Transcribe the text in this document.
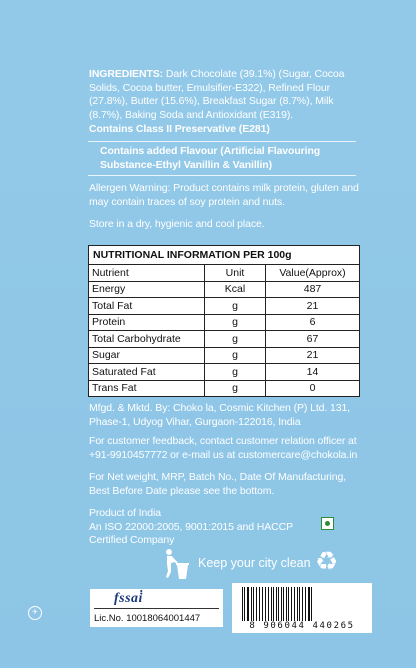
INGREDIENTS: Dark Chocolate (39.1%) (Sugar, Cocoa Solids, Cocoa butter, Emulsifier-E322), Refined Flour (27.8%), Butter (15.6%), Breakfast Sugar (8.7%), Milk (8.7%), Baking Soda and Antioxidant (E319).
Contains Class II Preservative (E281)
Contains added Flavour (Artificial Flavouring
Substance-Ethyl Vanillin & Vanillin)
Allergen Warning: Product contains milk protein, gluten and may contain traces of soy protein and nuts.
Store in a dry, hygienic and cool place.
NUTRITIONAL INFORMATION PER 100g
Nutrient	Unit	Value(Approx)
Energy	Kcal	487
Total Fat	g	21
Protein	g	6
Total Carbohydrate	g	67
Sugar	g	21
Saturated Fat	g	14
Trans Fat	g	0
Mfgd. & Mktd. By: Choko la, Cosmic Kitchen (P) Ltd. 131, Phase-1, Udyog Vihar, Gurgaon-122016, India
For customer feedback, contact customer relation officer at +91-9910457772 or e-mail us at customercare@chokola.in
For Net weight, MRP, Batch No., Date Of Manufacturing, Best Before Date please see the bottom.
Product of India
An ISO 22000:2005, 9001:2015 and HACCP Certified Company
Keep your city clean ♻
✈
fssai
Lic.No. 10018064001447
8 906044 440265
